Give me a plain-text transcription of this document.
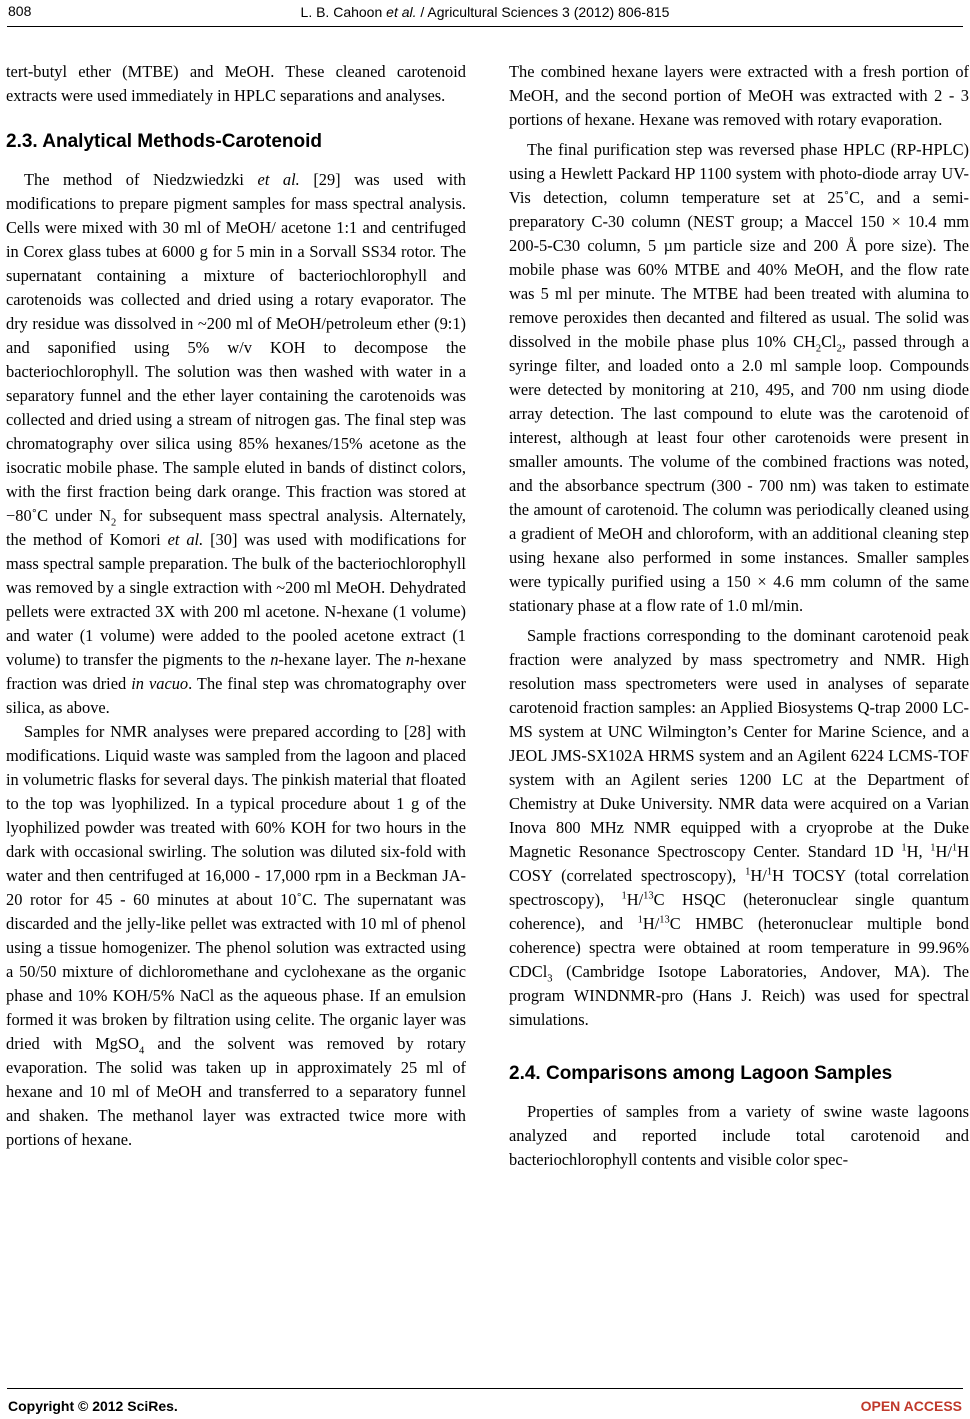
808	L. B. Cahoon et al. / Agricultural Sciences 3 (2012) 806-815

tert-butyl ether (MTBE) and MeOH. These cleaned carotenoid extracts were used immediately in HPLC separations and analyses.

2.3. Analytical Methods-Carotenoid

The method of Niedzwiedzki et al. [29] was used with modifications to prepare pigment samples for mass spectral analysis. Cells were mixed with 30 ml of MeOH/ acetone 1:1 and centrifuged in Corex glass tubes at 6000 g for 5 min in a Sorvall SS34 rotor. The supernatant containing a mixture of bacteriochlorophyll and carotenoids was collected and dried using a rotary evaporator. The dry residue was dissolved in ~200 ml of MeOH/petroleum ether (9:1) and saponified using 5% w/v KOH to decompose the bacteriochlorophyll. The solution was then washed with water in a separatory funnel and the ether layer containing the carotenoids was collected and dried using a stream of nitrogen gas. The final step was chromatography over silica using 85% hexanes/15% acetone as the isocratic mobile phase. The sample eluted in bands of distinct colors, with the first fraction being dark orange. This fraction was stored at −80˚C under $N_2$ for subsequent mass spectral analysis. Alternately, the method of Komori et al. [30] was used with modifications for mass spectral sample preparation. The bulk of the bacteriochlorophyll was removed by a single extraction with ~200 ml MeOH. Dehydrated pellets were extracted 3X with 200 ml acetone. N-hexane (1 volume) and water (1 volume) were added to the pooled acetone extract (1 volume) to transfer the pigments to the n-hexane layer. The n-hexane fraction was dried in vacuo. The final step was chromatography over silica, as above.

Samples for NMR analyses were prepared according to [28] with modifications. Liquid waste was sampled from the lagoon and placed in volumetric flasks for several days. The pinkish material that floated to the top was lyophilized. In a typical procedure about 1 g of the lyophilized powder was treated with 60% KOH for two hours in the dark with occasional swirling. The solution was diluted six-fold with water and then centrifuged at 16,000 - 17,000 rpm in a Beckman JA-20 rotor for 45 - 60 minutes at about 10˚C. The supernatant was discarded and the jelly-like pellet was extracted with 10 ml of phenol using a tissue homogenizer. The phenol solution was extracted using a 50/50 mixture of dichloromethane and cyclohexane as the organic phase and 10% KOH/5% NaCl as the aqueous phase. If an emulsion formed it was broken by filtration using celite. The organic layer was dried with MgSO$_4$ and the solvent was removed by rotary evaporation. The solid was taken up in approximately 25 ml of hexane and 10 ml of MeOH and transferred to a separatory funnel and shaken. The methanol layer was extracted twice more with portions of hexane.

The combined hexane layers were extracted with a fresh portion of MeOH, and the second portion of MeOH was extracted with 2 - 3 portions of hexane. Hexane was removed with rotary evaporation.

The final purification step was reversed phase HPLC (RP-HPLC) using a Hewlett Packard HP 1100 system with photo-diode array UV-Vis detection, column temperature set at 25˚C, and a semi-preparatory C-30 column (NEST group; a Maccel 150 × 10.4 mm 200-5-C30 column, 5 µm particle size and 200 Å pore size). The mobile phase was 60% MTBE and 40% MeOH, and the flow rate was 5 ml per minute. The MTBE had been treated with alumina to remove peroxides then decanted and filtered as usual. The solid was dissolved in the mobile phase plus 10% $CH_2Cl_2$, passed through a syringe filter, and loaded onto a 2.0 ml sample loop. Compounds were detected by monitoring at 210, 495, and 700 nm using diode array detection. The last compound to elute was the carotenoid of interest, although at least four other carotenoids were present in smaller amounts. The volume of the combined fractions was noted, and the absorbance spectrum (300 - 700 nm) was taken to estimate the amount of carotenoid. The column was periodically cleaned using a gradient of MeOH and chloroform, with an additional cleaning step using hexane also performed in some instances. Smaller samples were typically purified using a 150 × 4.6 mm column of the same stationary phase at a flow rate of 1.0 ml/min.

Sample fractions corresponding to the dominant carotenoid peak fraction were analyzed by mass spectrometry and NMR. High resolution mass spectrometers were used in analyses of separate carotenoid fraction samples: an Applied Biosystems Q-trap 2000 LC-MS system at UNC Wilmington’s Center for Marine Science, and a JEOL JMS-SX102A HRMS system and an Agilent 6224 LCMS-TOF system with an Agilent series 1200 LC at the Department of Chemistry at Duke University. NMR data were acquired on a Varian Inova 800 MHz NMR equipped with a cryoprobe at the Duke Magnetic Resonance Spectroscopy Center. Standard 1D $^1$H, $^1$H/$^1$H COSY (correlated spectroscopy), $^1$H/$^1$H TOCSY (total correlation spectroscopy), $^1$H/$^{13}$C HSQC (heteronuclear single quantum coherence), and $^1$H/$^{13}$C HMBC (heteronuclear multiple bond coherence) spectra were obtained at room temperature in 99.96% CDCl$_3$ (Cambridge Isotope Laboratories, Andover, MA). The program WINDNMR-pro (Hans J. Reich) was used for spectral simulations.

2.4. Comparisons among Lagoon Samples

Properties of samples from a variety of swine waste lagoons analyzed and reported include total carotenoid and bacteriochlorophyll contents and visible color spec-

Copyright © 2012 SciRes.	OPEN ACCESS
